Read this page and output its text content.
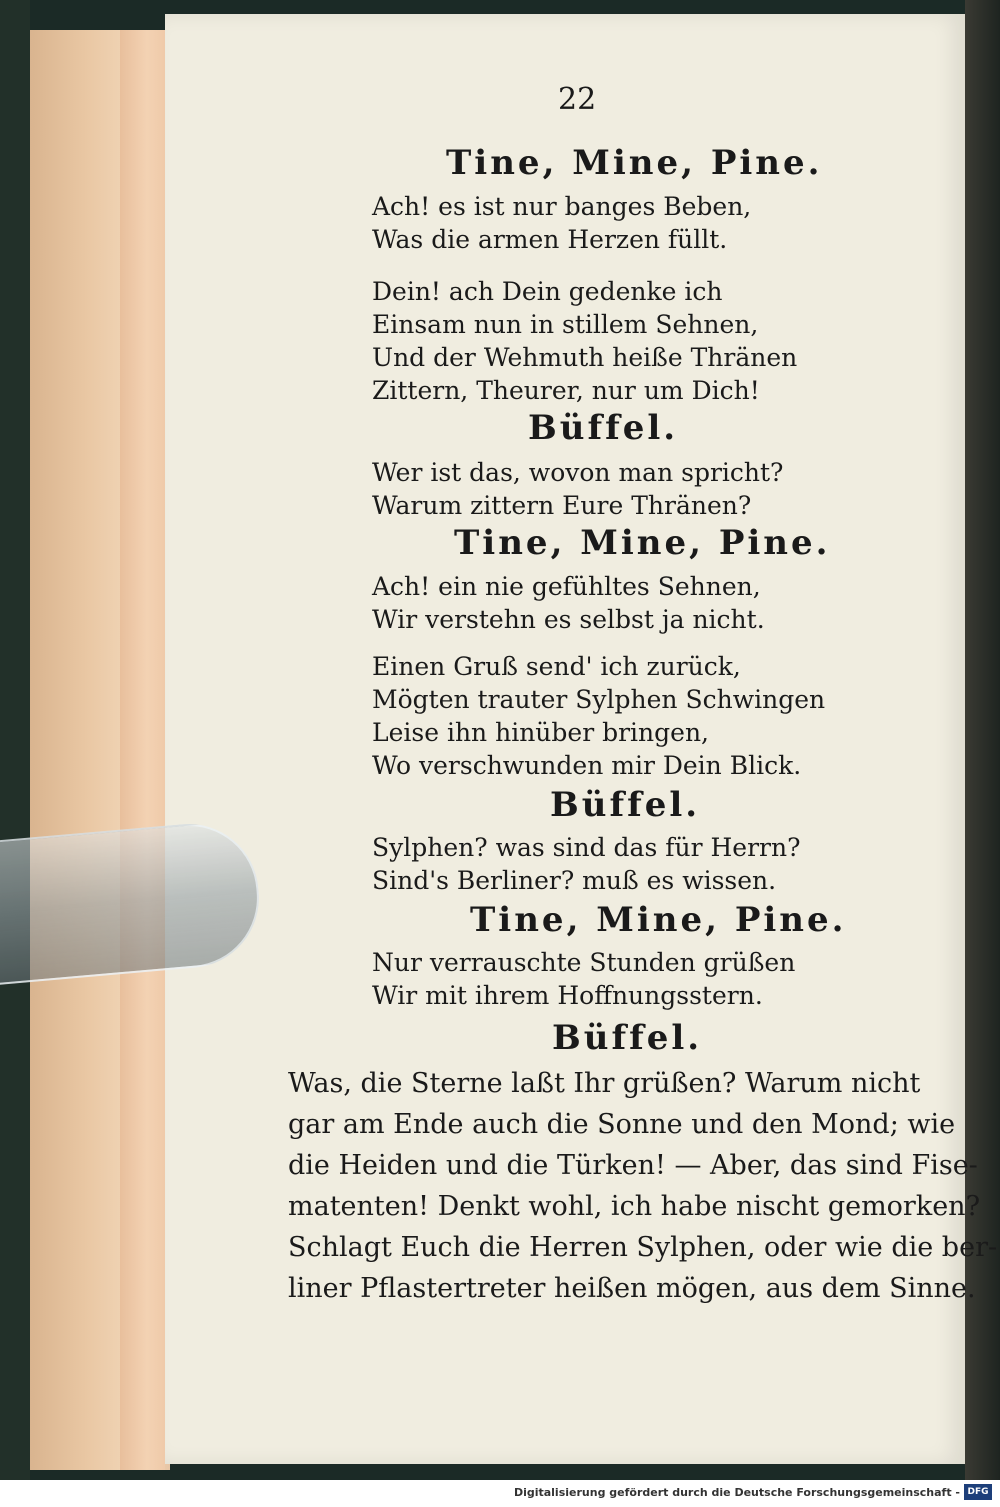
22
Tine, Mine, Pine.
Ach! es ist nur banges Beben,
Was die armen Herzen füllt.
Dein! ach Dein gedenke ich
Einsam nun in stillem Sehnen,
Und der Wehmuth heiße Thränen
Zittern, Theurer, nur um Dich!
Büffel.
Wer ist das, wovon man spricht?
Warum zittern Eure Thränen?
Tine, Mine, Pine.
Ach! ein nie gefühltes Sehnen,
Wir verstehn es selbst ja nicht.
Einen Gruß send' ich zurück,
Mögten trauter Sylphen Schwingen
Leise ihn hinüber bringen,
Wo verschwunden mir Dein Blick.
Büffel.
Sylphen? was sind das für Herrn?
Sind's Berliner? muß es wissen.
Tine, Mine, Pine.
Nur verrauschte Stunden grüßen
Wir mit ihrem Hoffnungsstern.
Büffel.
Was, die Sterne laßt Ihr grüßen? Warum nicht
gar am Ende auch die Sonne und den Mond; wie
die Heiden und die Türken! — Aber, das sind Fise-
matenten! Denkt wohl, ich habe nischt gemorken?
Schlagt Euch die Herren Sylphen, oder wie die ber-
liner Pflastertreter heißen mögen, aus dem Sinne.
Digitalisierung gefördert durch die Deutsche Forschungsgemeinschaft - DFG
